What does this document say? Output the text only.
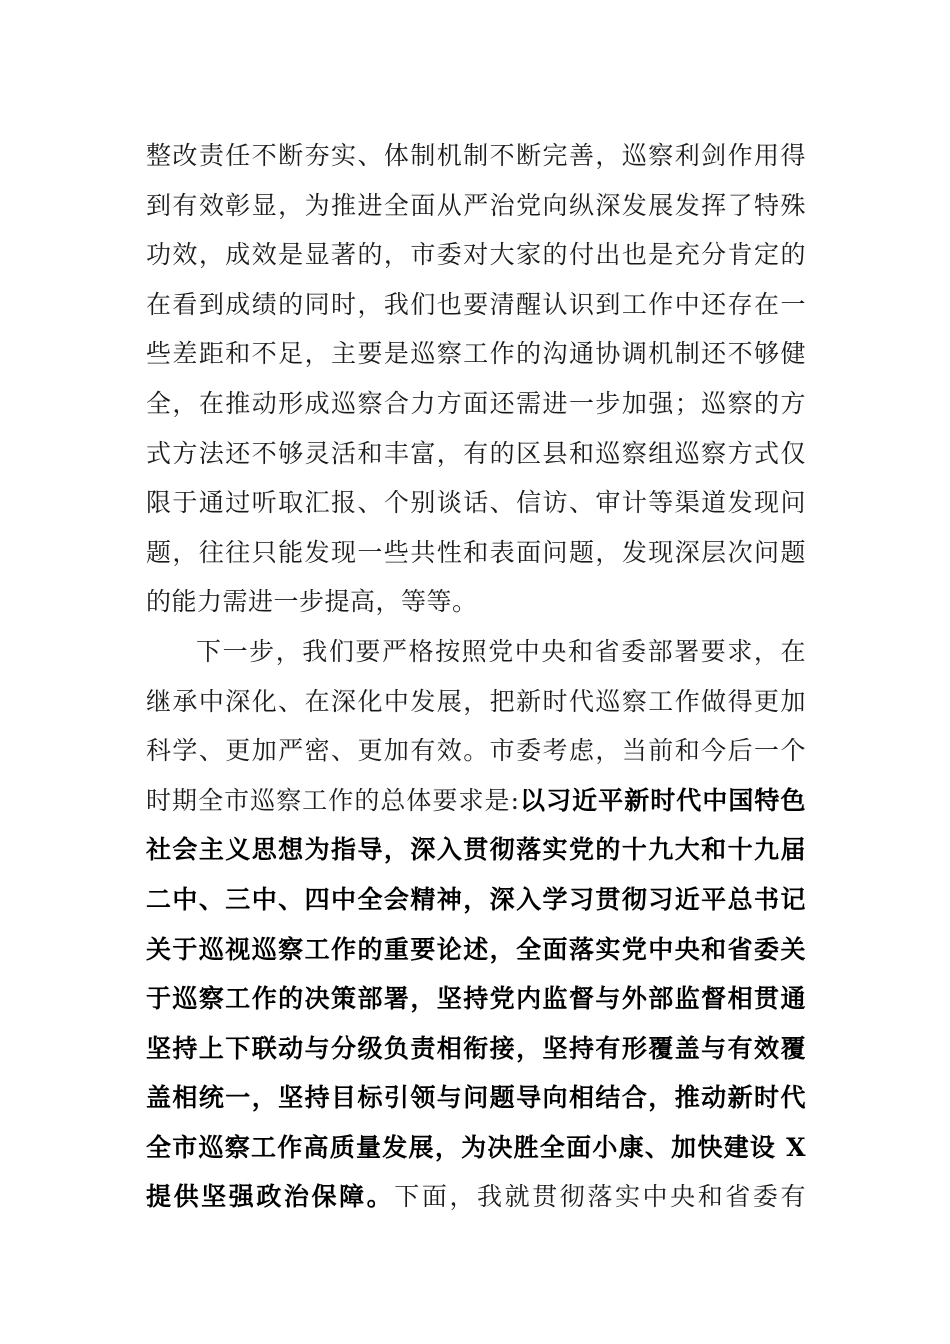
整改责任不断夯实、体制机制不断完善，巡察利剑作用得
到有效彰显，为推进全面从严治党向纵深发展发挥了特殊
功效，成效是显著的，市委对大家的付出也是充分肯定的
在看到成绩的同时，我们也要清醒认识到工作中还存在一
些差距和不足，主要是巡察工作的沟通协调机制还不够健
全，在推动形成巡察合力方面还需进一步加强；巡察的方
式方法还不够灵活和丰富，有的区县和巡察组巡察方式仅
限于通过听取汇报、个别谈话、信访、审计等渠道发现问
题，往往只能发现一些共性和表面问题，发现深层次问题
的能力需进一步提高，等等。
下一步，我们要严格按照党中央和省委部署要求，在
继承中深化、在深化中发展，把新时代巡察工作做得更加
科学、更加严密、更加有效。市委考虑，当前和今后一个
时期全市巡察工作的总体要求是:以习近平新时代中国特色
社会主义思想为指导，深入贯彻落实党的十九大和十九届
二中、三中、四中全会精神，深入学习贯彻习近平总书记
关于巡视巡察工作的重要论述，全面落实党中央和省委关
于巡察工作的决策部署，坚持党内监督与外部监督相贯通
坚持上下联动与分级负责相衔接，坚持有形覆盖与有效覆
盖相统一，坚持目标引领与问题导向相结合，推动新时代
全市巡察工作高质量发展，为决胜全面小康、加快建设 X
提供坚强政治保障。下面，我就贯彻落实中央和省委有
